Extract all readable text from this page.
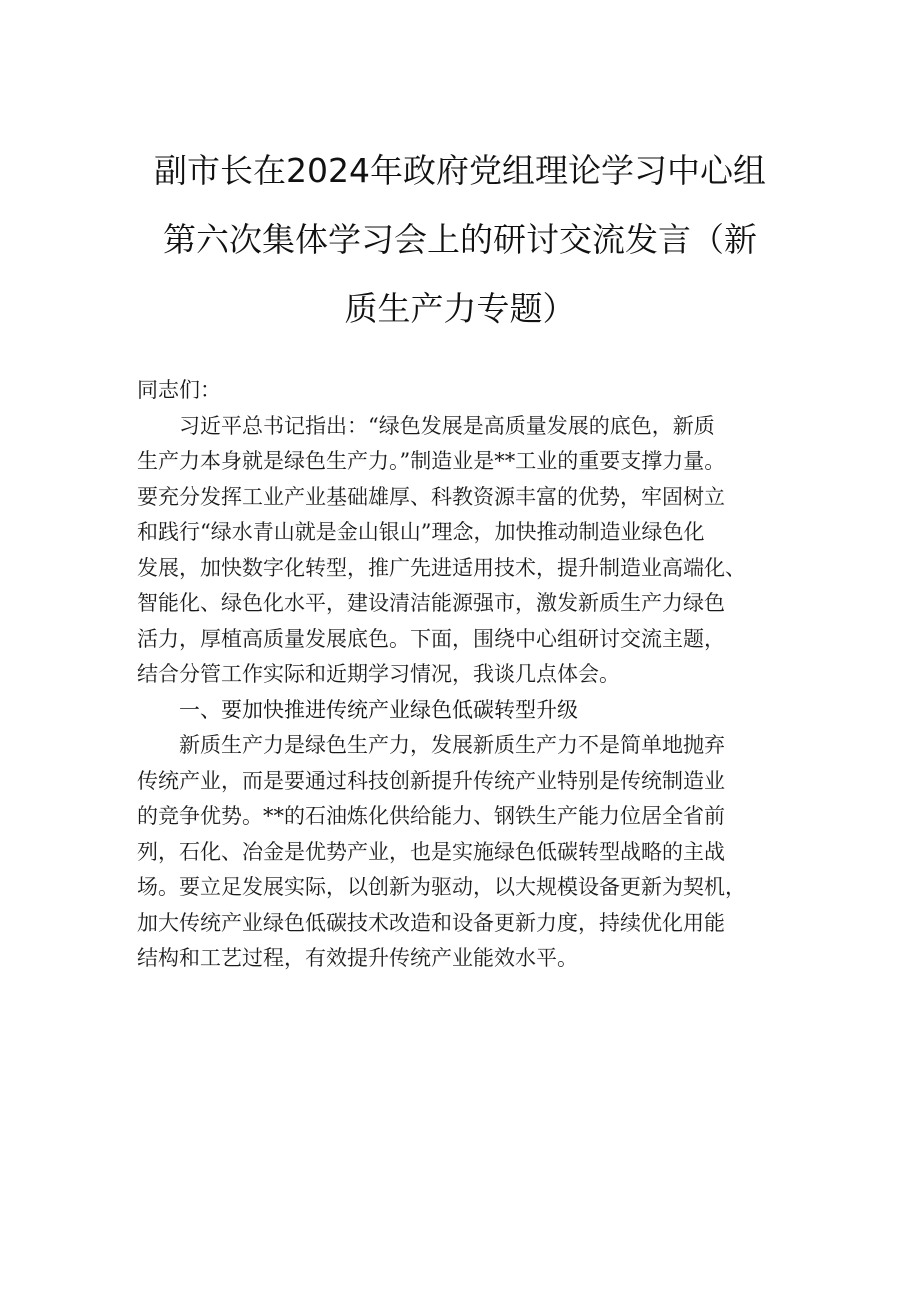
副市长在2024年政府党组理论学习中心组
第六次集体学习会上的研讨交流发言（新
质生产力专题）

同志们：

习近平总书记指出：“绿色发展是高质量发展的底色，新质
生产力本身就是绿色生产力。”制造业是**工业的重要支撑力量。
要充分发挥工业产业基础雄厚、科教资源丰富的优势，牢固树立
和践行“绿水青山就是金山银山”理念，加快推动制造业绿色化
发展，加快数字化转型，推广先进适用技术，提升制造业高端化、
智能化、绿色化水平，建设清洁能源强市，激发新质生产力绿色
活力，厚植高质量发展底色。下面，围绕中心组研讨交流主题，
结合分管工作实际和近期学习情况，我谈几点体会。

一、要加快推进传统产业绿色低碳转型升级

新质生产力是绿色生产力，发展新质生产力不是简单地抛弃
传统产业，而是要通过科技创新提升传统产业特别是传统制造业
的竞争优势。**的石油炼化供给能力、钢铁生产能力位居全省前
列，石化、冶金是优势产业，也是实施绿色低碳转型战略的主战
场。要立足发展实际，以创新为驱动，以大规模设备更新为契机，
加大传统产业绿色低碳技术改造和设备更新力度，持续优化用能
结构和工艺过程，有效提升传统产业能效水平。
